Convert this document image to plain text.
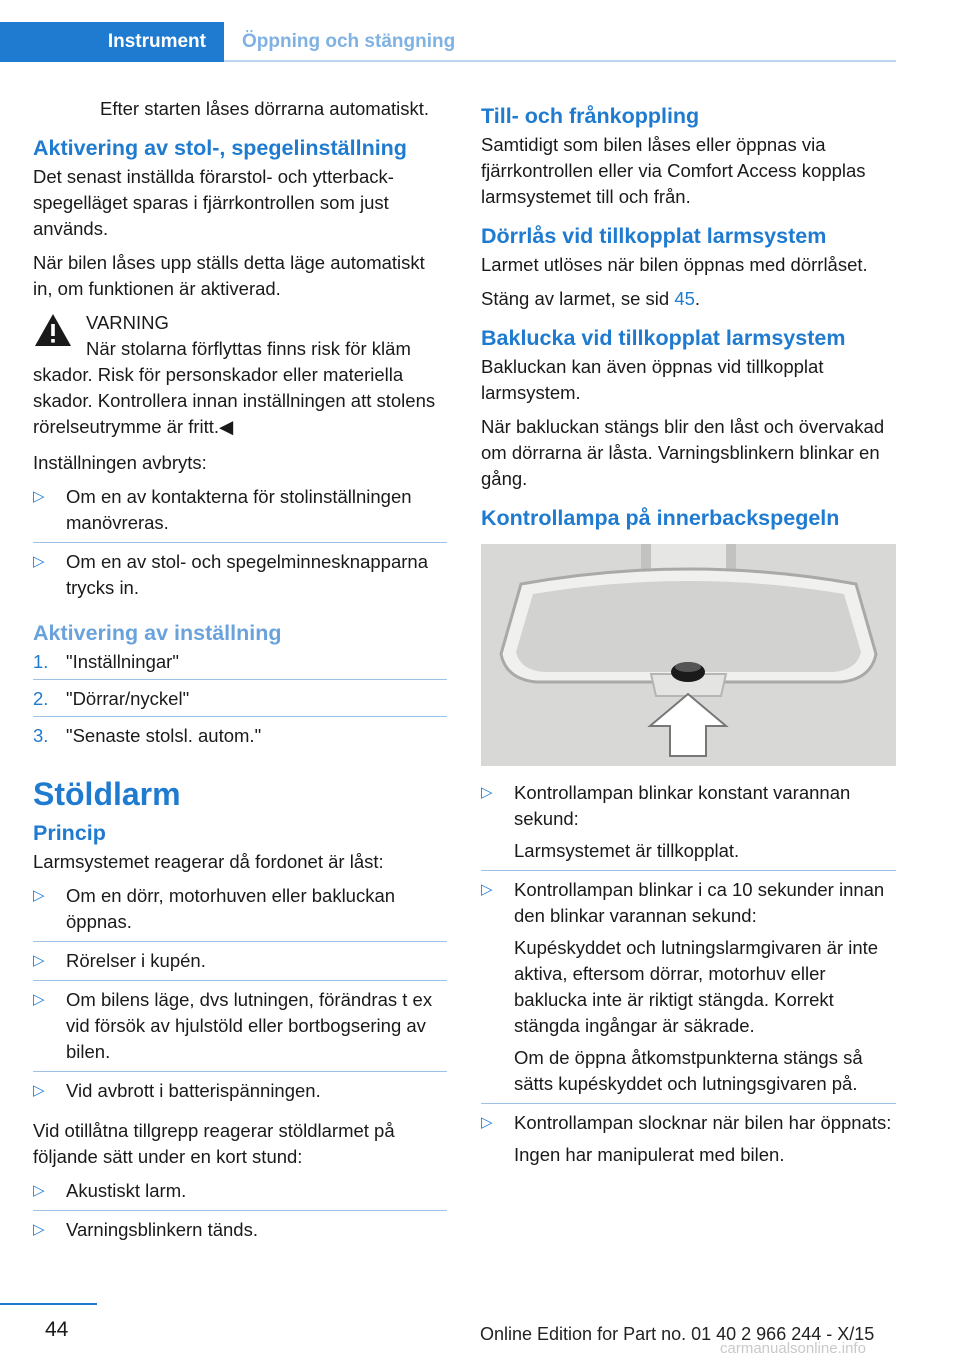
Instrument	Öppning och stängning

Efter starten låses dörrarna automatiskt.

Aktivering av stol-, spegelinställning

Det senast inställda förarstol- och ytterbackspegelläget sparas i fjärrkontrollen som just används.

När bilen låses upp ställs detta läge automatiskt in, om funktionen är aktiverad.

VARNING
När stolarna förflyttas finns risk för kläm
skador. Risk för personskador eller materiella skador. Kontrollera innan inställningen att stolens rörelseutrymme är fritt.◀

Inställningen avbryts:

▷ Om en av kontakterna för stolinställningen manövreras.
▷ Om en av stol- och spegelminnesknapparna trycks in.
Aktivering av inställning
1. "Inställningar"
2. "Dörrar/nyckel"
3. "Senaste stolsl. autom."
Stöldlarm
Princip

Larmsystemet reagerar då fordonet är låst:

▷ Om en dörr, motorhuven eller bakluckan öppnas.
▷ Rörelser i kupén.
▷ Om bilens läge, dvs lutningen, förändras t ex vid försök av hjulstöld eller bortbogsering av bilen.
▷ Vid avbrott i batterispänningen.

Vid otillåtna tillgrepp reagerar stöldlarmet på följande sätt under en kort stund:

▷ Akustiskt larm.
▷ Varningsblinkern tänds.
Till- och frånkoppling

Samtidigt som bilen låses eller öppnas via fjärrkontrollen eller via Comfort Access kopplas larmsystemet till och från.

Dörrlås vid tillkopplat larmsystem

Larmet utlöses när bilen öppnas med dörrlåset.

Stäng av larmet, se sid 45.

Baklucka vid tillkopplat larmsystem

Bakluckan kan även öppnas vid tillkopplat larmsystem.

När bakluckan stängs blir den låst och övervakad om dörrarna är låsta. Varningsblinkern blinkar en gång.

Kontrollampa på innerbackspegeln
▷ Kontrollampan blinkar konstant varannan sekund:
Larmsystemet är tillkopplat.
▷ Kontrollampan blinkar i ca 10 sekunder innan den blinkar varannan sekund:
Kupéskyddet och lutningslarmgivaren är inte aktiva, eftersom dörrar, motorhuv eller baklucka inte är riktigt stängda. Korrekt stängda ingångar är säkrade.
Om de öppna åtkomstpunkterna stängs så sätts kupéskyddet och lutningsgivaren på.
▷ Kontrollampan slocknar när bilen har öppnats:
Ingen har manipulerat med bilen.
44	Online Edition for Part no. 01 40 2 966 244 - X/15
carmanualsonline.info
